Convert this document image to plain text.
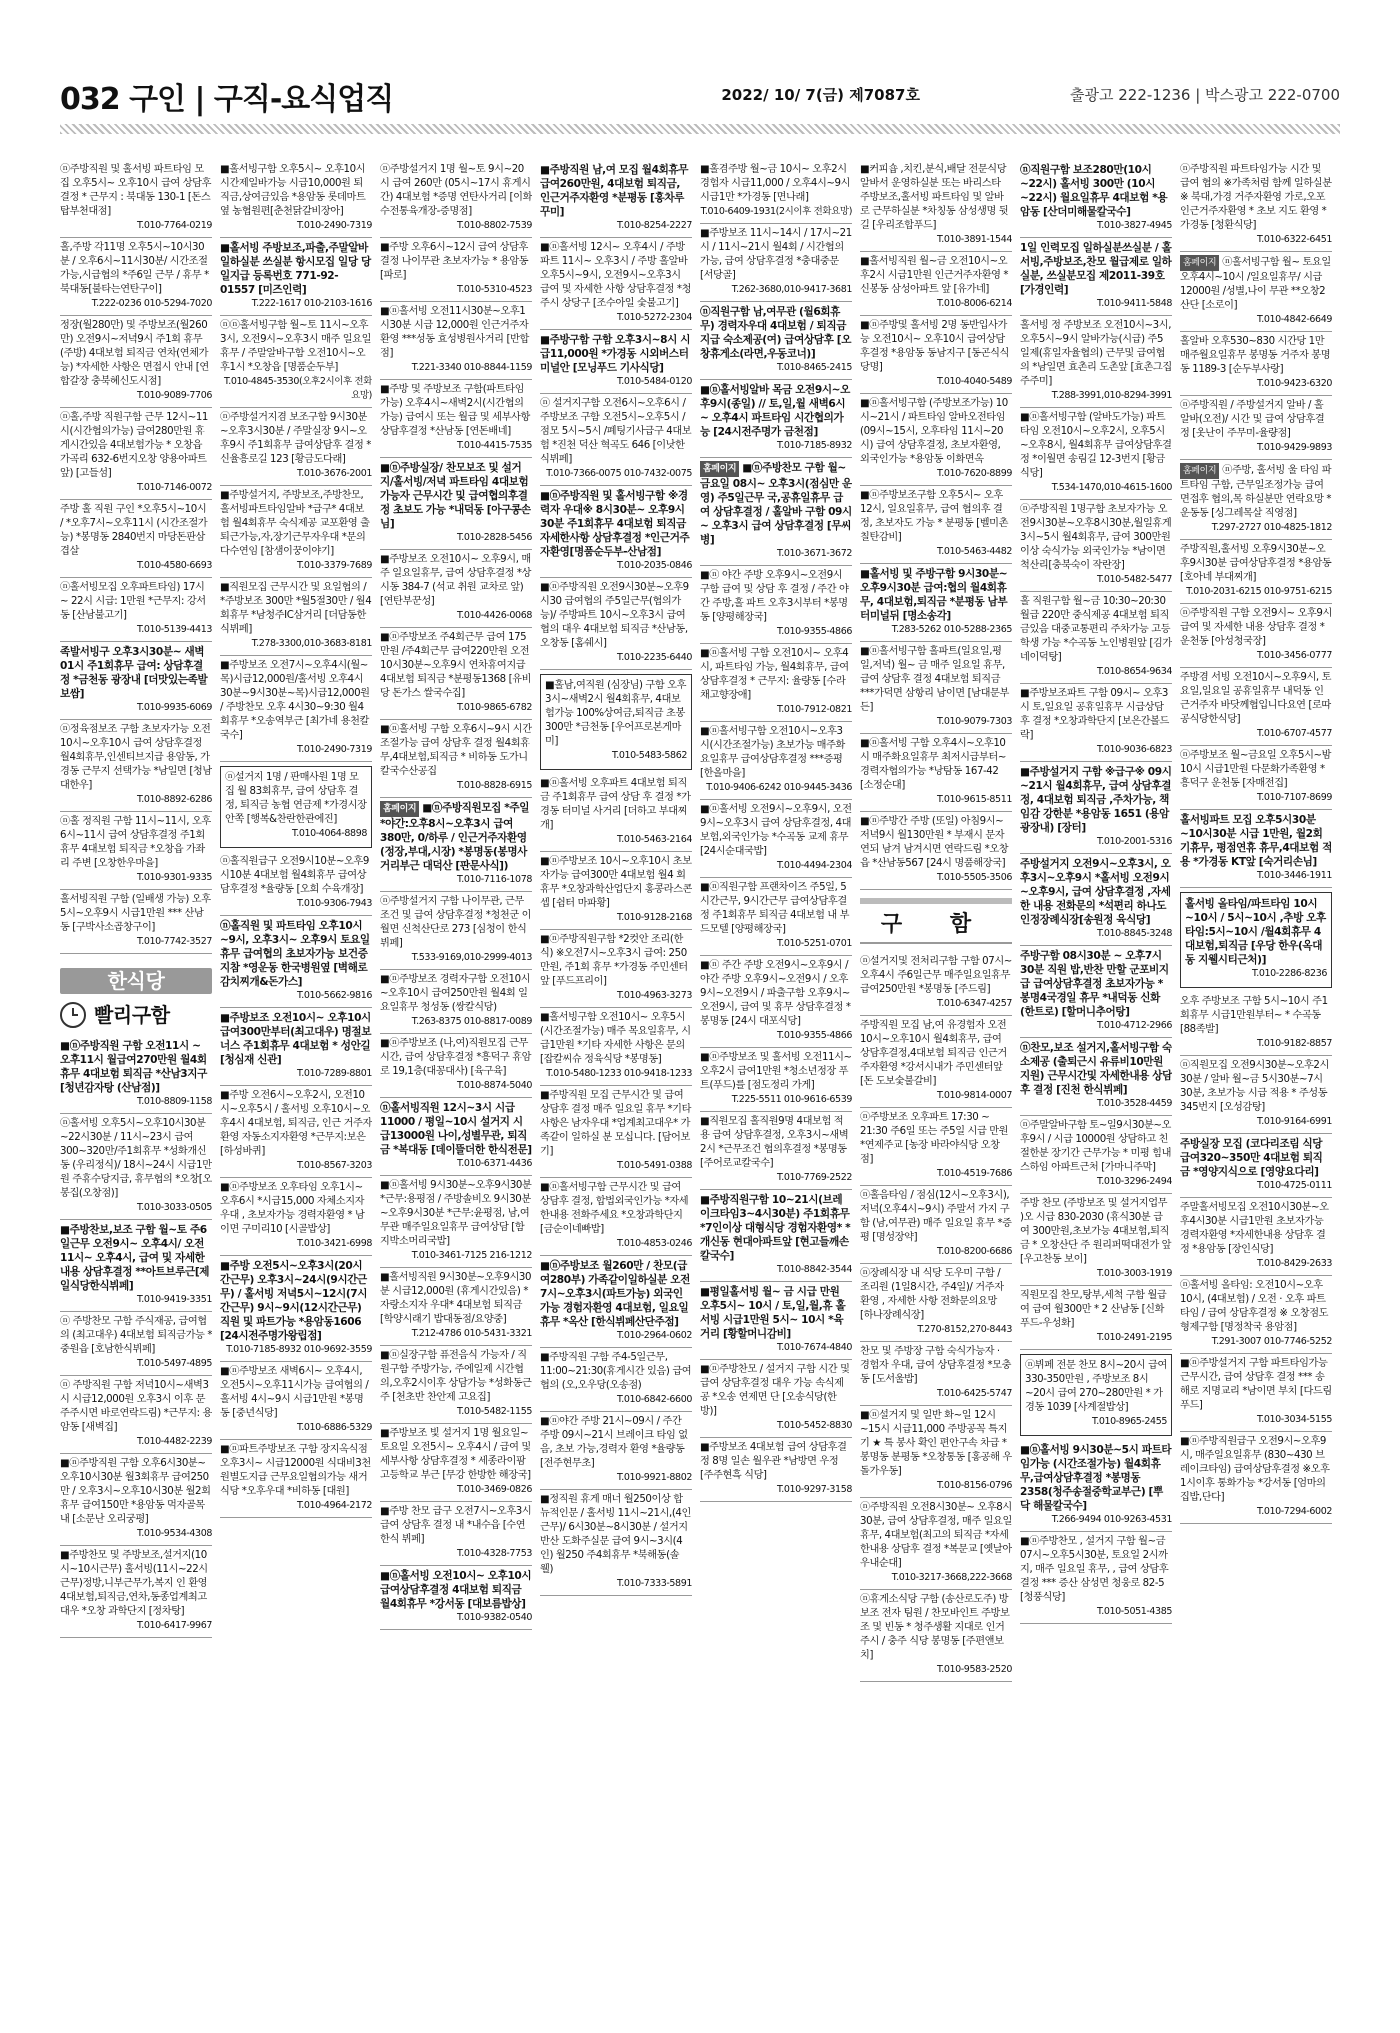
032 구인 | 구직-요식업직	2022/ 10/ 7(금) 제7087호	출광고 222-1236 | 박스광고 222-0700
ⓝ주방직원 및 홀서빙 파트타임 모집 오후5시~ 오후10시 급여 상담후결정 * 근무지 : 북대동 130-1 [돈스탑부천대점]
T.010-7764-0219
홀,주방 각11명 오후5시~10시30분 / 오후6시~11시30분/ 시간조절가능,시급협의 *주6일 근무 / 휴무 *북대동[불타는연탄구이]
T.222-0236 010-5294-7020
정장(월280만) 및 주방보조(월260만) 오전9시~저녁9시 주1회 휴무(주방) 4대보험 퇴직금 연차(연체가능) *자세한 사항은 면접시 안내 [연합갈장 충북혜신도시점]
T.010-9089-7706
ⓝ홀,주방 직원구함 근무 12시~11시(시간협의가능) 급여280만원 휴게시간있음 4대보험가능 * 오창읍 가곡리 632-6번지오창 양용아파트앞) [고들섬]
T.010-7146-0072
주방 홀 직원 구인 *오후5시~10시 / *오후7시~오후11시 (시간조절가능) *봉명동 2840번지 마당돈판삼겹살
T.010-4580-6693
ⓝ홀서빙모집 오후파트타임) 17시~ 22시 시급: 1만원 *근무지: 강서동 [산남불고기]
T.010-5139-4413
족발서빙구 오후3시30분~ 새벽01시 주1회휴무 급여: 상담후결정 *금천동 광장내 [더맛있는족발보쌈]
T.010-9935-6069
ⓝ정육점보조 구함 초보자가능 오전10시~오후10시 급여 상담후결정 월4회휴무,인센티브지급 용암동, 가경동 근무지 선택가능 *남일면 [청남대한우]
T.010-8892-6286
ⓝ홀 정직원 구함 11시~11시, 오후6시~11시 급여 상담후결정 주1회휴무 4대보험 퇴직금 *오창읍 가좌리 주변 [오창한우마을]
T.010-9301-9335
홀서빙직원 구함 (일배생 가능) 오후5시~오후9시 시급1만원 *** 산남동 [구박사소곱창구이]
T.010-7742-3527
한식당
빨리구함
■ⓝ주방직원 구함 오전11시 ~ 오후11시 월급여270만원 월4회휴무 4대보험 퇴직금 *산남3지구 [청년감자탕 (산남점)]
T.010-8809-1158
ⓝ홀서빙 오후5시~오후10시30분~22시30분 / 11시~23시 급여300~320만/주1회휴무 *성화개신동 (우리정식)/ 18시~24시 시급1만원 주휴수당지급, 휴무협의 *오창[오봉집(오창점)]
T.010-3033-0505
■주방찬보,보조 구함 월~토 주6일근무 오전9시~ 오후4시/ 오전11시~ 오후4시, 급여 및 자세한내용 상담후결정 **아트브루근[제일식당한식뷔페]
T.010-9419-3351
ⓝ 주방찬모 구함 주식재공, 급여협의 (최고대우) 4대보험 퇴직금가능 *중원읍 [호남한식뷔페]
T.010-5497-4895
ⓝ 주방직원 구함 저녁10시~새벽3시 시급12,000원 오후3시 이후 문주주시면 바로연락드림) *근무지: 용암동 [새벽집]
T.010-4482-2239
■ⓝ주방직원 구함 오후6시30분~오후10시30분 월3회휴무 급여250만 / 오후3시~오후10시30분 월2회휴무 급여150만 *용암동 먹자골목 내 [소문난 오리궁평]
T.010-9534-4308
■주방찬모 및 주방보조,설거지(10시~10시근무) 홀서빙(11시~22시 근무)정방,니부근무가,복지 인 환영 4대보험,퇴직금,연차,동종업계최고대우 *오창 과학단지 [정차탕]
T.010-6417-9967
■홀서빙구함 오후5시~ 오후10시 시간제일바가능 시급10,000원 퇴직금,상여금있음 *용암동 롯데마트옆 농협원편[춘천닭갈비장아]
T.010-2490-7319
■홀서빙 주방보조,파출,주말알바 일하실분 쓰실분 항시모집 일당 당일지급 등록번호 771-92-01557 [미즈인력]
T.222-1617 010-2103-1616
ⓝⓝ홀서빙구함 월~토 11시~오후3시, 오전9시~오후3시 매주 일요일휴무 / 주말알바구함 오전10시~오후1시 *오창읍 [명품순두부]
T.010-4845-3530(오후2시이후 전화요망)
ⓝ주방설거지겸 보조구함 9시30분~오후3시30분 / 주말실장 9시~오후9시 주1회휴무 급여상담후 결정 *신율흥로길 123 [황금도다래]
T.010-3676-2001
■주방설거지, 주방보조,주방찬모,홀서빙파트타임알바 *급구* 4대보험 월4회휴무 숙식제공 교포환영 출퇴근가능,자,장기근무자우대 *문의다수연임 [참샘이꿍이야기]
T.010-3379-7689
■직원모집 근무시간 및 요일협의 / *주방보조 300만 *월5절30만 / 월4회휴무 *남청주IC삼거리 [더담동한식뷔페]
T.278-3300,010-3683-8181
■주방보조 오전7시~오후4시(월~목)시급12,000원/홀서빙 오후4시30분~9시30분~목)시급12,000원 / 주방찬모 오후 4시30~9:30 월4회휴무 *오송역부근 [최가네 용천칼국수]
T.010-2490-7319
ⓝ설거지 1명 / 판매사원 1명 모집 월 83회휴무, 급여 상담후 결정, 퇴직금 농협 연금제 *가경시장 안쪽 [행복&찬란한관에진]
T.010-4064-8898
ⓝ홀직원급구 오전9시10분~오후9시10분 4대보험 월4회휴무 급여상담후결정 *율량동 [오희 수육개장]
T.010-9306-7943
ⓝ홀직원 및 파트타임 오후10시~9시, 오후3시~ 오후9시 토요일휴무 급여협의 초보자가능 보건증지참 *영운동 한국병원옆 [벽해로감치찌개&돈가스]
T.010-5662-9816
■주방보조 오전10시~ 오후10시 급여300만부터(최고대우) 명절보너스 주1회휴무 4대보험 * 성안길 [청심재 신관]
T.010-7289-8801
■주방 오전6시~오후2시, 오전10시~오후5시 / 홀서빙 오후10시~오후4시 4대보험, 퇴직금, 인근 거주자환영 자동소지자환영 *근무지:보은 [하성바퀴]
T.010-8567-3203
■ⓝ주방보조 오후타임 오후1시~오후6시 *시급15,000 자체소지자우대 , 초보자가능 경력자환영 * 남이면 구미리10 [시골밥상]
T.010-3421-6998
■주방 오전5시~오후3시(20시간근무) 오후3시~24시(9시간근무) / 홀서빙 저녁5시~12시(7시간근무) 9시~9시(12시간근무) 직원 및 파트가능 *용암동1606 [24시전주명가왕립점]
T.010-7185-8932 010-9692-3559
■ⓝ주방보조 새벽6시~ 오후4시, 오전5시~오후11시가능 급여협의 / 홀서빙 4시~9시 시급1만원 *봉명동 [중년식당]
T.010-6886-5329
■ⓝ파트주방보조 구함 장지옥식점 오후3시~ 시급12000원 식대비3천원별도지급 근무요일협의가능 새거식당 *오후우대 *비하동 [대원]
T.010-4964-2172
ⓝ주방설거지 1명 월~토 9시~20시 급여 260만 (05시~17시 휴게시간) 4대보험 *증명 연탄사거리 [이화수전통육개장-증명점]
T.010-8802-7539
■주방 오후6시~12시 급여 상담후결정 나이무관 초보자가능 * 용암동 [파로]
T.010-5310-4523
■ⓝ홀서빙 오전11시30분~오후1시30분 시급 12,000원 인근거주자환영 ***성동 효성병원사거리 [반합점]
T.221-3340 010-8844-1159
■주방 및 주방보조 구함(파트타임 가능) 오후4시~새벽2시(시간협의가능) 급여시 또는 월급 및 세부사항 상담후결정 *산남동 [연돈배네]
T.010-4415-7535
■ⓝ주방실장/ 찬모보조 및 설거지/홀서빙/저녁 파트타임 4대보험가능자 근무시간 및 급여협의후결정 초보도 가능 *내덕동 [아구콩손님]
T.010-2828-5456
■주방보조 오전10시~ 오후9시, 매주 일요일휴무, 급여 상담후결정 *상시동 384-7 (석교 취원 교차로 앞) [연탄부꾼성]
T.010-4426-0068
■ⓝ주방보조 주4회근무 급여 175만원 /주4회근무 급여220만원 오전10시30분~오후9시 연차휴여지급 4대보험 퇴직금 *분평동1368 [유비당 돈가스 쌀국수집]
T.010-9865-6782
■ⓝ홀서빙 구함 오후6시~9시 시간조절가능 급여 상담후 결정 월4회휴무,4대보험,퇴직금 * 비하동 도가니칼국수산공집
T.010-8828-6915
홈페이지 ■ⓝ주방직원모집 *주일 *야간:오후8시~오후3시 급여380만, 0/하루 / 인근거주자환영(정장,부대,시장) *봉명동(봉명사거리부근 대덕산 [판문사식])
T.010-7116-1078
ⓝ주방설거지 구함 나이무관, 근무 조건 및 급여 상담후결정 *청천군 이월면 신척산단로 273 [심청이 한식뷔페]
T.533-9169,010-2999-4013
■ⓝ주방보조 경력자구함 오전10시~오후10시 급여250만원 월4회 일요일휴무 청성동 (쌍칼식당)
T.263-8375 010-8817-0089
■ⓝ주방보조 (나,여)직원모집 근무시간, 급여 상담후결정 *흥덕구 휴암로 19,1층(대꽁대사) [육구육]
T.010-8874-5040
ⓝ홀서빙직원 12시~3시 시급11000 / 평일~10시 설거지 시급13000원 나이,성별무관, 퇴직금 *복대동 [데이뜰더한 한식전문]
T.010-6371-4436
■ⓝ홀서빙 9시30분~오후9시30분 *근무:용평점 / 주방솔비오 9시30분~오후9시30분 *근무:윤평점, 남,여무관 매주일요일휴무 급여상담 [함지박소머리국밥]
T.010-3461-7125 216-1212
■홀서빙직원 9시30분~오후9시30분 시급12,000원 (휴게시간있음) *자랑소지자 우대* 4대보험 퇴직금 [학양시래기 밥대동점/요양중]
T.212-4786 010-5431-3321
■ⓝ실장구함 퓨전음식 가능자 / 직원구함 주방가능, 주에일제 시간협의,오후2시이후 상담가능 *성화동근주 [천초반 찬안제 고요집]
T.010-5482-1155
■주방보조 빛 설거지 1명 월요일~토요일 오전5시~ 오후4시 / 급여 및 세부사항 상담후결정 * 세종라이팜고등학교 부근 [무강 한방한 해장국]
T.010-3469-0826
■주방 찬모 급구 오전7시~오후3시 급여 상담후 결정 내 *내수읍 [수연 한식 뷔페]
T.010-4328-7753
■ⓝ홀서빙 오전10시~ 오후10시 급여상담후결정 4대보험 퇴직금 월4회휴무 *강서동 [대보름밥상]
T.010-9382-0540
■주방직원 남,여 모집 월4회휴무 급여260만원, 4대보험 퇴직금, 인근거주자환영 *분평동 [홍차루꾸미]
T.010-8254-2227
■ⓝ홀서빙 12시~ 오후4시 / 주방 파트 11시~ 오후3시 / 주방 홀알바 오후5시~9시, 오전9시~오후3시 급여 및 자세한 사항 상담후결정 *청주시 상당구 [조수아일 숯불고기]
T.010-5272-2304
■주방구함 구함 오후3시~8시 시급11,000원 *가경동 시외버스터미널안 [모닝푸드 기사식당]
T.010-5484-0120
ⓝ 설거지구함 오전6시~오후6시 / 주방보조 구함 오전5시~오후5시 /점모 5시~5시 /폐팅기사급구 4대보험 *진천 덕산 혁곡도 646 [이낫한식뷔페]
T.010-7366-0075 010-7432-0075
■ⓝ주방직원 및 홀서빙구함 ※경력자 우대※ 8시30분~ 오후9시30분 주1회휴무 4대보험 퇴직금 자세한사항 상담후결정 *인근거주자환영[명품순두부-산남점]
T.010-2035-0846
■ⓝ주방직원 오전9시30분~오후9시30 급여협의 주5일근무(협의가능)/ 주방파트 10시~오후3시 급여협의 대우 4대보험 퇴직금 *산남동,오창동 [홈쉐시]
T.010-2235-6440
■홀남,여직원 (심장님) 구함 오후3시~새벽2시 월4회휴무, 4대보험가능 100%상여금,퇴직금 초봉300만 *금천동 [우어프로본게마미]
T.010-5483-5862
■ⓝ홀서빙 오후파트 4대보험 퇴직금 주1회휴무 급여 상담 후 결정 *가경동 터미널 사거리 [더하고 부대찌개]
T.010-5463-2164
■ⓝ주방보조 10시~오후10시 초보자가능 급여300만 4대보험 월4 회휴무 *오창과학산업단지 홍콩라스콘셉 [쉼터 마파황]
T.010-9128-2168
■ⓝ주방직원구함 *2컷안 조리(한식) ※오전7시~오후3시 급여: 250만원, 주1회 휴무 *가경동 주민센터앞 [푸드프리이]
T.010-4963-3273
■홀서빙구함 오전10시~ 오후5시 (시간조절가능) 매주 목요일휴무, 시급1만원 *기타 자세한 사항은 문의 [잡칼씨슈 정육식당 *봉명동]
T.010-5480-1233 010-9418-1233
■주방직원 모집 근무시간 및 급여 상담후 결정 매주 일요일 휴무 *기타사항은 남자우대 *업계최고대우* 가족같이 일하실 분 모십니다. [담어보기]
T.010-5491-0388
■ⓝ홀서빙구함 근무시간 및 급여 상담후 결정, 합법외국인가능 *자세한내용 전화주세요 *오창과학단지 [금순이네빠밥]
T.010-4853-0246
■ⓝ주방보조 월260만 / 찬모(급여280부) 가족같이일하실분 오전7시~오후3시(파트가능) 외국인가능 경험자환영 4대보험, 일요일휴무 *옥산 [한식뷔페산단주점]
T.010-2964-0602
■주방직원 구함 주4-5일근무, 11:00~21:30(휴게시간 있음) 급여협의 (오,오우당(오송점)
T.010-6842-6600
■ⓝ야간 주방 21시~09시 / 주간 주방 09시~21시 브레이크 타임 없음, 초보 가능,경력자 환영 *율량동 [전주현무초]
T.010-9921-8802
■정직원 휴게 매너 월250이상 합뉴적인문 / 홀서빙 11시~21시,(4인근무)/ 6시30분~8시30분 / 설거지 반산 도화주실문 급여 9시~3시(4인) 월250 주4회휴무 *북해동(솔 웰)
T.010-7333-5891
■홀겸주방 월~금 10시~ 오후2시 경험자 시급11,000 / 오후4시~9시 시급1만 *가경동 [면나래]
T.010-6409-1931(2시이후 전화요망)
■주방보조 11시~14시 / 17시~21시 / 11시~21시 월4회 / 시간협의가능, 급여 상담후결정 *충대중문 [서당골]
T.262-3680,010-9417-3681
ⓝ직원구함 남,여무관 (월6회휴무) 경력자우대 4대보험 / 퇴직금지급 숙소제공(여) 급여상담후 [오창휴게소(라면,우동코너)]
T.010-8465-2415
■ⓝ홀서빙알바 목금 오전9시~오후9시(종일) // 토,일,월 새벽6시~ 오후4시 파트타임 시간협의가능 [24시전주명가 금천점]
T.010-7185-8932
홈페이지 ■ⓝ주방찬모 구함 월~ 금요일 08시~ 오후3시(점심만 운영) 주5일근무 국,공휴일휴무 급여 상담후결정 / 홀알바 구함 09시~ 오후3시 급여 상담후결정 [무씨병]
T.010-3671-3672
■ⓝ 야간 주방 오후9시~오전9시 구함 급여 및 상담 후 결정 / 주간 야간 주방,홀 파트 오후3시부터 *봉명동 [양평해장국]
T.010-9355-4866
■ⓝ홀서빙 구함 오전10시~ 오후4시, 파트타임 가능, 월4회휴무, 급여 상담후결정 * 근무지: 율량동 [수라채고향장애]
T.010-7912-0821
■ⓝ홀서빙구함 오전10시~오후3시(시간조절가능) 초보가능 매주화요일휴무 급여상담후결정 ***증평 [한올마을]
T.010-9406-6242 010-9445-3436
■ⓝ홀서빙 오전9시~오후9시, 오전9시~오후3시 급여 상담후결정, 4대보험,외국인가능 *수곡동 교제 휴무[24시순대국밥]
T.010-4494-2304
■ⓝ직원구함 프랜차이즈 주5일, 5시간근무, 9시간근무 급여상담후결정 주1회휴무 퇴직금 4대보험 내 부드모텔 [양평해장국]
T.010-5251-0701
■ⓝ 주간 주방 오전9시~오후9시 / 야간 주방 오후9시~오전9시 / 오후9시~오전9시 / 파출구함 오후9시~오전9시, 급여 및 휴무 상담후결정 *봉명동 [24시 대포식당]
T.010-9355-4866
■ⓝ주방보조 및 홀서빙 오전11시~오후2시 급여1만원 *청소년정장 푸트(푸드)를 [점도정리 가게]
T.225-5511 010-9616-6539
■직원모집 홀직원9명 4대보험 적용 급여 상담후결정, 오후3시~새벽2시 *근무조건 협의후결정 *봉명동 [주어로교칼국수]
T.010-7769-2522
■주방직원구함 10~21시(브레이크타임3~4시30분) 주1회휴무 *7인이상 대형식당 경험자환영* *개신동 현대아파트앞 [현고들깨손칼국수]
T.010-8842-3544
■평일홀서빙 월~ 금 시급 만원 오후5시~ 10시 / 토,일,월,휴 홀서빙 시급1만원 5시~ 10시 *육거리 [황할머니감비]
T.010-7674-4840
■ⓝ주방찬모 / 설거지 구함 시간 및 급여 상담후결정 대우 가능 속식제공 *오송 연제면 단 [오송식당(한방)]
T.010-5452-8830
■주방보조 4대보험 급여 상담후결정 8명 일손 월우관 *남방면 우정 [주주현흑 식당]
T.010-9297-3158
■커피숍 ,치킨,분식,배달 전문식당 알바서 운영하실분 또는 바리스타 주방보조,홀서빙 파트타임 및 알바로 근무하실분 *차칭동 삼성생명 뒷길 [우리조합푸드]
T.010-3891-1544
■홀서빙직원 월~금 오전10시~오후2시 시급1만원 인근거주자환영 *신봉동 삼성아파트 앞 [유가네]
T.010-8006-6214
■ⓝ주방및 홀서빙 2명 동반입사가능 오전10시~ 오후10시 급여상담후결정 *용암동 동남지구 [동곤식식당명]
T.010-4040-5489
■ⓝ홀서빙구함 (주방보조가능) 10시~21시 / 파트타임 알바오전타임(09시~15시, 오후타임 11시~20시) 급여 상담후결정, 초보자환영, 외국인가능 *용암동 이화면옥
T.010-7620-8899
■ⓝ주방보조구함 오후5시~ 오후12시, 일요일휴무, 급여 협의후 결정, 초보자도 가능 * 분평동 [벨미촌칠탄감비]
T.010-5463-4482
■홀서빙 및 주방구함 9시30분~ 오후9시30분 급여:협의 월4회휴무, 4대보험,퇴직금 *분평동 남부터미널뒤 [명소송각]
T.283-5262 010-5288-2365
■ⓝ홀서빙구함 홀파트(일요일,평일,저녁) 월~ 금 매주 일요일 휴무, 급여 상담후 결정 4대보험 퇴직금 ***가덕면 삼항리 남이면 [남대문부든]
T.010-9079-7303
■ⓝ홀서빙 구함 오후4시~오후10시 매주화요일휴무 최저시급부터~ 경력자협의가능 *낭탐동 167-42 [소정순대]
T.010-9615-8511
■ⓝ주방간 주방 (또일) 아침9시~저녁9시 월130만원 * 부재시 문자연되 남겨 남겨시면 연락드림 *오창읍 *산남동567 [24시 명품해장국]
T.010-5505-3506
구 함
ⓝ설거지및 전처리구함 구함 07시~오후4시 주6일근무 매주일요일휴무 급여250만원 *봉명동 [주드림]
T.010-6347-4257
주방직원 모집 남,여 유경험자 오전10시~오후10시 월4회휴무, 급여 상담후결정,4대보험 퇴직금 인근거주자환영 *강서시내가 주민센터앞 [돈 도보숯불갈비]
T.010-9814-0007
ⓝ주방보조 오후파트 17:30 ~ 21:30 주6일 또는 주5일 시급 만원 *연제주교 [농장 바라야식당 오창점]
T.010-4519-7686
ⓝ홀음타임 / 점심(12시~오후3시), 저녁(오후4시~9시) 주말서 가지 구함 (남,여무관) 매주 일요일 휴무 *증평 [명성장약]
T.010-8200-6686
ⓝ장례식장 내 식당 도우미 구함 / 조리원 (1일8시간, 주4일)/ 거주자환영 , 자세한 사항 전화문의요망 [하나장례식장]
T.270-8152,270-8443
찬모 및 주방장 구함 숙식가능자 · 경험자 우대, 급여 상담후결정 *모충동 [도서울밥]
T.010-6425-5747
■ⓝ설거지 및 일반 화~일 12시~15시 시급11,000 주방공꼭 특지기 ★ 특 봉사 확인 편안구속 차급 *봉명동 분평동 *오창통동 [홍공해 우돌가우동]
T.010-8156-0796
ⓝ주방직원 오전8시30분~ 오후8시30분, 급여 상담후결정, 매주 일요일 휴무, 4대보험(최고의 퇴직금 *자세한내용 상담후 결정 *복문교 [옛날아우내순대]
T.010-3217-3668,222-3668
ⓝ휴게소식당 구함 (송산로도주) 방보조 전자 팀원 / 찬모바인트 주방보조 및 빈동 * 청주생활 지대로 인거주시 / 충주 식당 봉명동 [주편앤보치]
T.010-9583-2520
ⓝ직원구함 보조280만(10시~22시) 홀서빙 300만 (10시~22시) 월요일휴무 4대보험 *용암동 [산더미해물칼국수]
T.010-3827-4945
1일 인력모집 일하실분쓰실분 / 홀서빙,주방보조,찬모 월급제로 일하실분, 쓰실분모집 제2011-39호 [가경인력]
T.010-9411-5848
홀서빙 정 주방보조 오전10시~3시, 오후5시~9시 알바가능(시급) 주5일제(휴일자율협의) 근무및 급여협의 *남일면 효촌리 도촌앞 [효촌그집주주미]
T.288-3991,010-8294-3991
■ⓝ홀서빙구함 (알바도가능) 파트타임 오전10시~오후2시, 오후5시~오후8시, 월4회휴무 급여상담후결정 *이월면 송림길 12-3번지 [황금식당]
T.534-1470,010-4615-1600
ⓝ주방직원 1명구함 초보자가능 오전9시30분~오후8시30분,월일휴게3시~5시 월4회휴무, 급여 300만원이상 숙식가능 외국인가능 *남이면 척산리[충북숙이 작란장]
T.010-5482-5477
홀 직원구함 월~금 10:30~20:30 월급 220만 중식제공 4대보험 퇴직금있음 대중교통편리 주차가능 고등학생 가능 *수곡동 노인병원앞 [김가네이덕탕]
T.010-8654-9634
■주방보조파트 구함 09시~ 오후3시 토,일요일 공휴일휴무 시급상담후 결정 *오창과학단지 [보은간볼드락]
T.010-9036-6823
■주방설거지 구함 ※급구※ 09시~21시 월4회휴무, 급여 상담후결정, 4대보험 퇴직금 ,주차가능, 책임감 강한분 *용암동 1651 (용암광장내) [장터]
T.010-2001-5316
주방설거지 오전9시~오후3시, 오후3시~오후9시 *홀서빙 오전9시~오후9시, 급여 상담후결정 ,자세한 내용 전화문의 *석편리 하나도인정장례식장[송원정 육식당]
T.010-8845-3248
주방구함 08시30분 ~ 오후7시30분 직원 밥,반찬 만할 군포비지급 급여상담후결정 초보자가능 *봉명4국경일 휴무 *내덕동 신화(한트로) [할머니추어탕]
T.010-4712-2966
ⓝ찬모,보조 설거지,홀서빙구함 숙소제공 (출퇴근시 유류비10만원지원) 근무시간및 자세한내용 상담후 결정 [진천 한식뷔페]
T.010-3528-4459
ⓝ주말알바구함 토~일9시30분~오후9시 / 시급 10000원 상담하고 친절한분 장기간 근무가능 * 미평 힘내스하임 아파트근처 [가마니주막]
T.010-3296-2494
주방 찬모 (주방보조 및 설거지업무 )오 시급 830-2030 (휴식30분 급여 300만원,초보가능 4대보험,퇴직금 * 오창산단 주 원리퍼떡대전가 앞 [우고찬동 보이]
T.010-3003-1919
직원모집 찬모,탕부,세척 구함 월급여 급여 월300만 * 2 산남동 [신화푸드-우성화]
T.010-2491-2195
ⓝ뷔페 전문 찬모 8시~20시 급여330-350만원 , 주방보조 8시~20시 급여 270~280만원 * 가경동 1039 [사계절밥상]
T.010-8965-2455
■ⓝ홀서빙 9시30분~5시 파트타임가능 (시간조절가능) 월4회휴무,급여상담후결정 *봉명동2358(청주송절중학교부근) [뿌닥 해물칼국수]
T.266-9494 010-9263-4531
■ⓝ주방찬모 , 설거지 구함 월~금 07시~오후5시30분, 토요일 2시까지, 매주 일요일 휴무, , 급여 상담후 결정 *** 증산 삼성면 청웅로 82-5 [청풍식당]
T.010-5051-4385
ⓝ주방직원 파트타임가능 시간 및 급여 협의 ※가족처럼 함께 일하실분※ 북대,가경 거주자환영 가로,오포 인근거주자환영 * 초보 지도 환영 *가경동 [청환식당]
T.010-6322-6451
홈페이지 ⓝ홀서빙구함 월~ 토요일 오후4시~10시 /일요일휴무/ 시급 12000원 /성별,나이 무관 **오창2산단 [소로이]
T.010-4842-6649
홀알바 오후530~830 시간당 1만 매주월요일휴무 봉명동 거주자 봉명동 1189-3 [순두부사랑]
T.010-9423-6320
ⓝ주방직원 / 주방설거지 알바 / 홀알바(오전)/ 시간 및 급여 상담후결정 [옷난이 주무미-율량점]
T.010-9429-9893
홈페이지 ⓝ주방, 홀서빙 울 타임 파트타임 구함, 근무일조정가능 급여 면접후 협의,목 하실분만 연락요망 * 운동동 [싱그레목살 직영점]
T.297-2727 010-4825-1812
주방직원,홀서빙 오후9시30분~오후9시30분 급여상담후결정 *용암동 [호아네 부대찌개]
T.010-2031-6215 010-9751-6215
ⓝ주방직원 구함 오전9시~ 오후9시 급여 및 자세한 내용 상담후 결정 *운천동 [아성청국장]
T.010-3456-0777
주방겸 서빙 오전10시~오후9시, 토요일,일요일 공휴일휴무 내덕동 인근거주자 바닷께협입니다요연 [로따공식당한식당]
T.010-6707-4577
ⓝ주방보조 월~금요일 오후5시~밤10시 시급1만원 다문화가족환영 * 흥덕구 운천동 [자매전집]
T.010-7107-8699
홀서빙파트 모집 오후5시30분~10시30분 시급 1만원, 월2회 기휴무, 평점연휴 휴무,4대보험 적용 *가경동 KT앞 [숙거리손님]
T.010-3446-1911
홀서빙 올타임/파트타임 10시~10시 / 5시~10시 ,추방 오후타임:5시~10시 /월4회휴무 4대보험,퇴직금 [우당 한우(옥대동 지웰시티근처)]
T.010-2286-8236
오후 주방보조 구함 5시~10시 주1회휴무 시급1만원부터~ * 수곡동 [88족발]
T.010-9182-8857
ⓝ직원모집 오전9시30분~오후2시30분 / 알바 월~금 5시30분~7시30분, 초보가능 시급 적용 * 주성동 345번지 [오성감탕]
T.010-9164-6991
주방실장 모집 (코다리조림 식당 급여320~350만 4대보험 퇴직금 *영양지식으로 [영양요다리]
T.010-4725-0111
주말홀서빙모집 오전10시30분~오후4시30분 시급1만원 초보자가능 경력자환영 *자세한내용 상담후 결정 *용암동 [장인식당]
T.010-8429-2633
ⓝ홀서빙 올타임: 오전10시~오후10시, (4대보험) / 오전 · 오후 파트타임 / 급여 상담후결정 ※ 오창점도형제구함 [명정착국 용암점]
T.291-3007 010-7746-5252
■ⓝ주방설거지 구함 파트타임가능 근무시간, 급여 상담후 결정 *** 송해로 지명교리 *남이면 부치 [다드림푸드]
T.010-3034-5155
■ⓝ주방직원급구 오전9시~오후9시, 매주일요일휴무 (830~430 브레이크타임) 급여상담후결정 ※오후1시이후 통화가능 *강서동 [엄마의 집밥,단다]
T.010-7294-6002
